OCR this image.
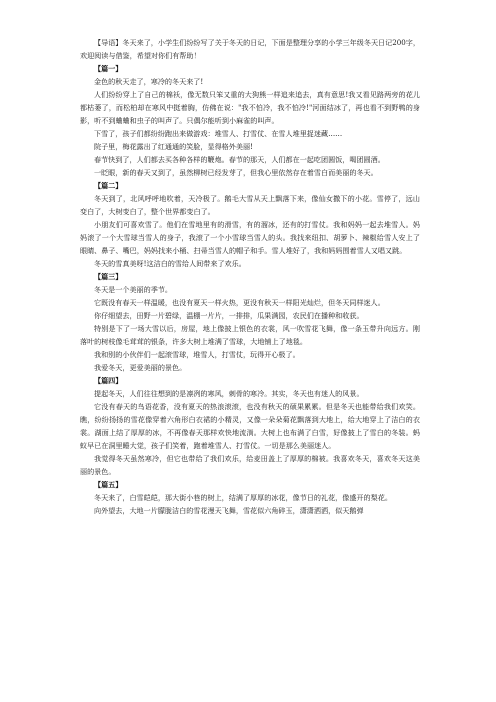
【导语】冬天来了，小学生们纷纷写了关于冬天的日记，下面是整理分享的小学三年级冬天日记200字，欢迎阅读与借鉴，希望对你们有帮助！

【篇一】

金色的秋天走了，寒冷的冬天来了!

人们纷纷穿上了自己的棉袄，像无数只笨又重的大狗熊一样追来追去，真有意思!我又看见路两旁的花儿都枯萎了，而松柏却在寒风中挺着胸，仿佛在说："我不怕冷，我不怕冷!"河面结冰了，再也看不到野鸭的身影，听不到蛐蛐和虫子的叫声了。只偶尔能听到小麻雀的叫声。

下雪了，孩子们都纷纷跑出来做游戏：堆雪人、打雪仗、在雪人堆里捉迷藏……

院子里，梅花露出了红通通的笑脸，显得格外美丽!

春节快到了，人们都去买各种各样的鞭炮。春节的那天，人们都在一起吃团圆饭，喝团圆酒。

一眨眼，新的春天又到了，虽然柳树已经发芽了，但我心里依然存在着雪白而美丽的冬天。

【篇二】

冬天到了，北风呼呼地吹着，天冷极了。鹅毛大雪从天上飘落下来，像仙女撒下的小花。雪停了，远山变白了，大树变白了，整个世界都变白了。

小朋友们可喜欢雪了。他们在雪地里有的滑雪，有的溜冰，还有的打雪仗。我和妈妈一起去堆雪人。妈妈滚了一个大雪球当雪人的身子，我滚了一个小雪球当雪人的头。我找来纽扣、胡萝卜、辣椒给雪人安上了眼睛、鼻子、嘴巴，妈妈找来小桶、扫帚当雪人的帽子和手。雪人堆好了，我和妈妈围着雪人又唱又跳。

冬天的雪真美呀!这洁白的雪给人间带来了欢乐。

【篇三】

冬天是一个美丽的季节。

它既没有春天一样温暖，也没有夏天一样火热，更没有秋天一样阳光灿烂，但冬天同样迷人。

你仔细望去，田野一片碧绿，温棚一片片，一排排，瓜果满园，农民们在播种和收获。

特别是下了一场大雪以后，房屋，地上像披上银色的衣裳，风一吹雪花飞舞，像一条玉带升向远方。刚落叶的树枝像毛茸茸的银条，许多大树上堆满了雪球，大地铺上了地毯。

我和别的小伙伴们一起滚雪球，堆雪人，打雪仗，玩得开心极了。

我爱冬天，更爱美丽的景色。

【篇四】

提起冬天，人们往往想到的是凛冽的寒风，刺骨的寒冷。其实，冬天也有迷人的风景。

它没有春天的鸟语花香，没有夏天的热浪滚滚，也没有秋天的硕果累累。但是冬天也能带给我们欢笑。瞧，纷纷扬扬的雪花像穿着六角形白衣裙的小精灵，又像一朵朵菊花飘落到大地上，给大地穿上了洁白的衣裳。湖面上结了厚厚的冰，不再像春天那样欢快地流淌。大树上也布满了白雪，好像披上了雪白的冬装。蚂蚁早已在洞里睡大觉，孩子们笑着，跑着堆雪人、打雪仗。一切是那么美丽迷人。

我觉得冬天虽然寒冷，但它也带给了我们欢乐，给麦田盖上了厚厚的棉被。我喜欢冬天，喜欢冬天这美丽的景色。

【篇五】

冬天来了，白雪皑皑，那大街小巷的树上，结满了厚厚的冰花，像节日的礼花，像盛开的梨花。

向外望去，大地一片朦胧洁白的雪花漫天飞舞，雪花似六角碎玉，潇潇洒洒，似天鹅弹
